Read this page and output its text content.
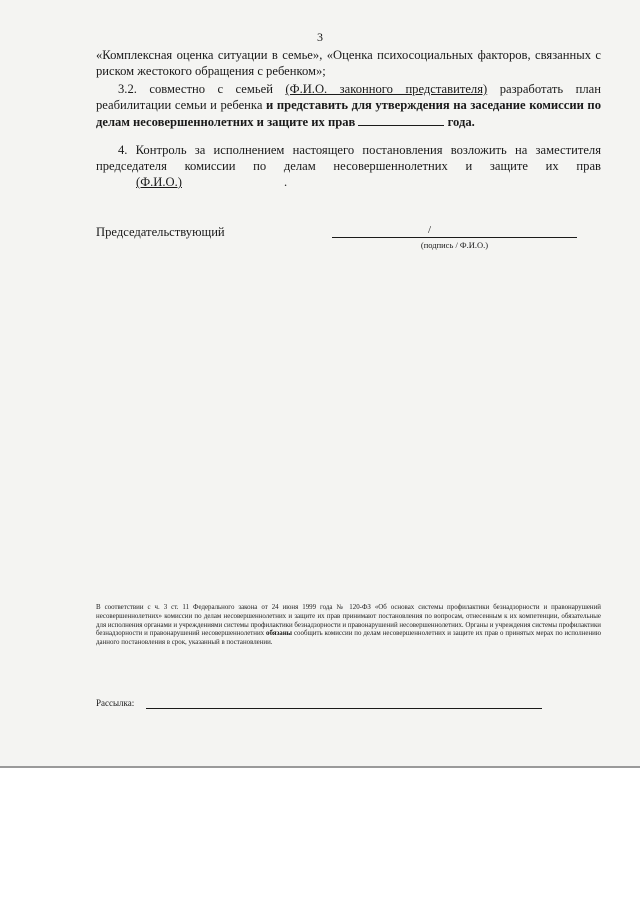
3
«Комплексная оценка ситуации в семье», «Оценка психосоциальных факторов, связанных с риском жестокого обращения с ребенком»;
3.2. совместно с семьей (Ф.И.О. законного представителя) разработать план реабилитации семьи и ребенка и представить для утверждения на заседание комиссии по делам несовершеннолетних и защите их прав	года.
4. Контроль за исполнением настоящего постановления возложить на заместителя председателя комиссии по делам несовершеннолетних и защите их прав (Ф.И.О.)	.
Председательствующий	/
(подпись / Ф.И.О.)
В соответствии с ч. 3 ст. 11 Федерального закона от 24 июня 1999 года № 120-ФЗ «Об основах системы профилактики безнадзорности и правонарушений несовершеннолетних» комиссии по делам несовершеннолетних и защите их прав принимают постановления по вопросам, отнесенным к их компетенции, обязательные для исполнения органами и учреждениями системы профилактики безнадзорности и правонарушений несовершеннолетних. Органы и учреждения системы профилактики безнадзорности и правонарушений несовершеннолетних обязаны сообщить комиссии по делам несовершеннолетних и защите их прав о принятых мерах по исполнению данного постановления в срок, указанный в постановлении.
Рассылка:
